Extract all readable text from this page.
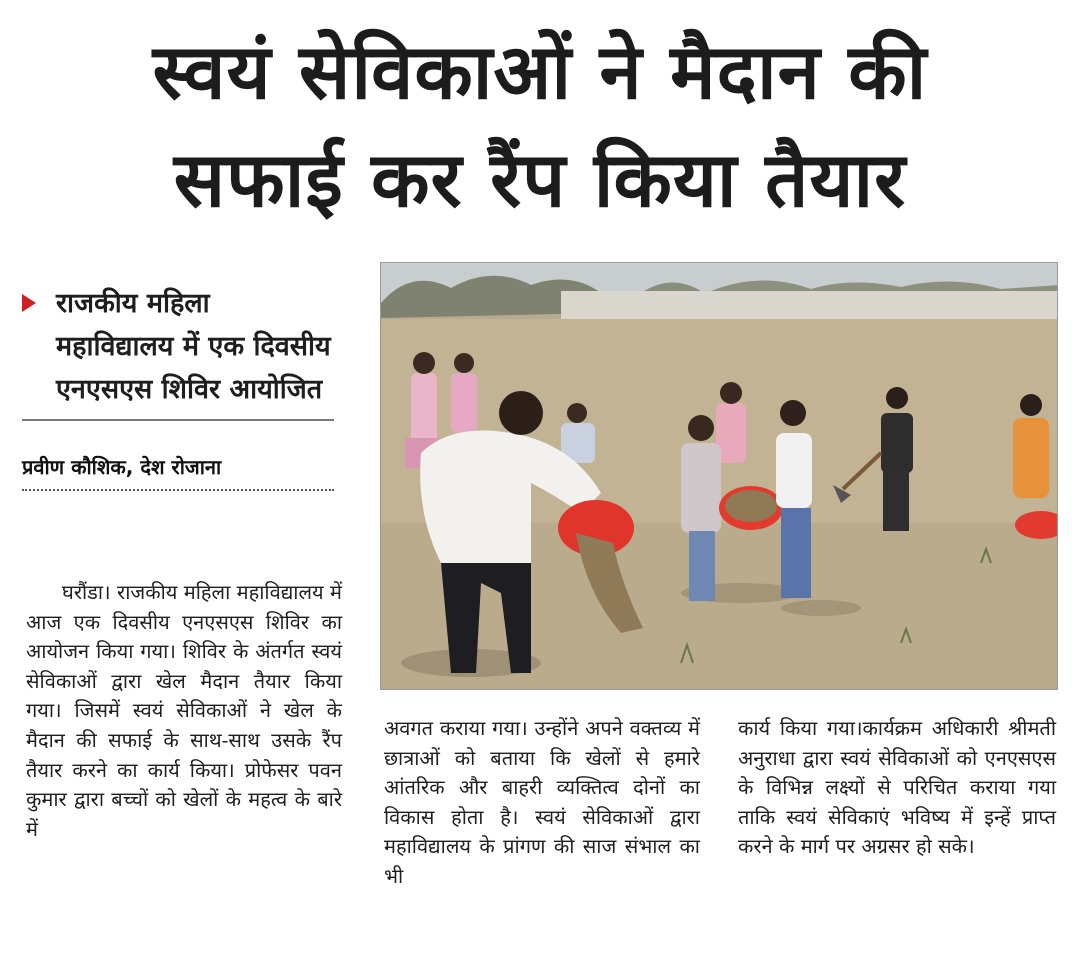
स्वयं सेविकाओं ने मैदान की
सफाई कर रैंप किया तैयार
राजकीय महिला महाविद्यालय में एक दिवसीय एनएसएस शिविर आयोजित
प्रवीण कौशिक, देश रोजाना
घरौंडा। राजकीय महिला महाविद्यालय में आज एक दिवसीय एनएसएस शिविर का आयोजन किया गया। शिविर के अंतर्गत स्वयं सेविकाओं द्वारा खेल मैदान तैयार किया गया। जिसमें स्वयं सेविकाओं ने खेल के मैदान की सफाई के साथ-साथ उसके रैंप तैयार करने का कार्य किया। प्रोफेसर पवन कुमार द्वारा बच्चों को खेलों के महत्व के बारे में
अवगत कराया गया। उन्होंने अपने वक्तव्य में छात्राओं को बताया कि खेलों से हमारे आंतरिक और बाहरी व्यक्तित्व दोनों का विकास होता है। स्वयं सेविकाओं द्वारा महाविद्यालय के प्रांगण की साज संभाल का भी
कार्य किया गया।कार्यक्रम अधिकारी श्रीमती अनुराधा द्वारा स्वयं सेविकाओं को एनएसएस के विभिन्न लक्ष्यों से परिचित कराया गया ताकि स्वयं सेविकाएं भविष्य में इन्हें प्राप्त करने के मार्ग पर अग्रसर हो सके।
